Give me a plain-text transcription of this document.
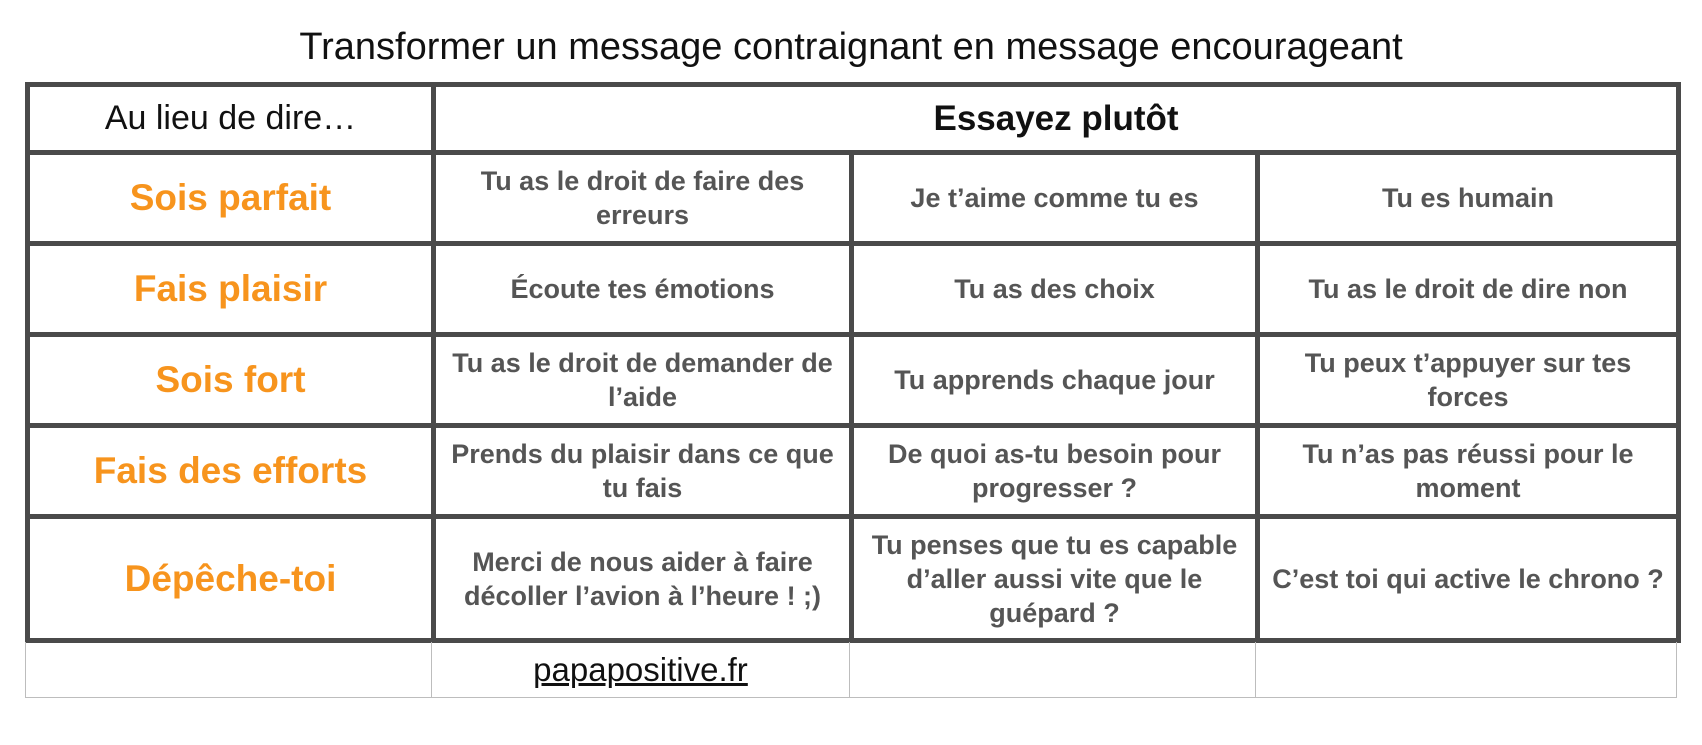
Transformer un message contraignant en message encourageant
Au lieu de dire…	Essayez plutôt		
Sois parfait	Tu as le droit de faire des erreurs	Je t’aime comme tu es	Tu es humain
Fais plaisir	Écoute tes émotions	Tu as des choix	Tu as le droit de dire non
Sois fort	Tu as le droit de demander de l’aide	Tu apprends chaque jour	Tu peux t’appuyer sur tes forces
Fais des efforts	Prends du plaisir dans ce que tu fais	De quoi as-tu besoin pour progresser ?	Tu n’as pas réussi pour le moment
Dépêche-toi	Merci de nous aider à faire décoller l’avion à l’heure ! ;)	Tu penses que tu es capable d’aller aussi vite que le guépard ?	C’est toi qui active le chrono ?
	papapositive.fr		
